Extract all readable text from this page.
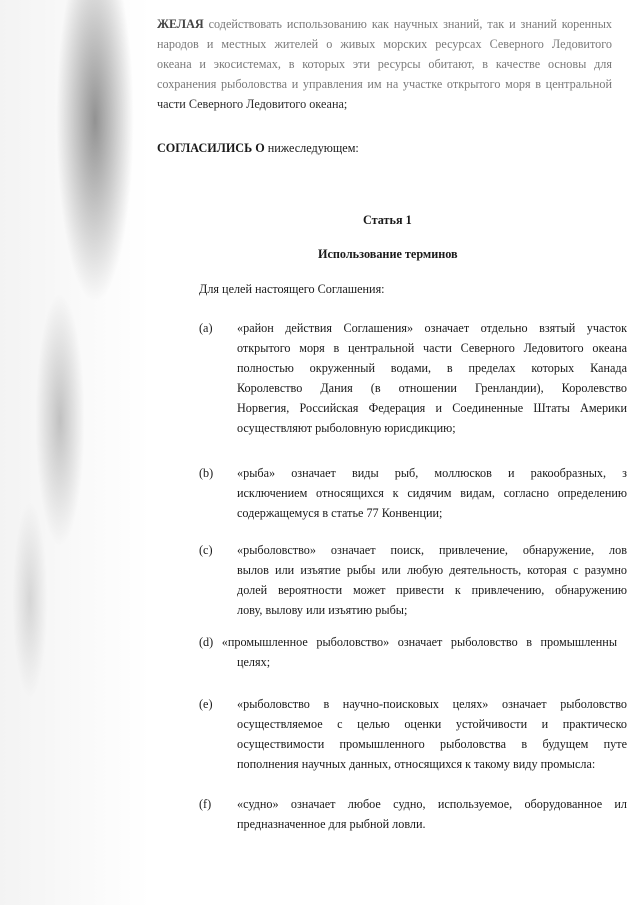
ЖЕЛАЯ содействовать использованию как научных знаний, так и знаний коренных
народов и местных жителей о живых морских ресурсах Северного Ледовитого
океана и экосистемах, в которых эти ресурсы обитают, в качестве основы для
сохранения рыболовства и управления им на участке открытого моря в центральной
части Северного Ледовитого океана;
СОГЛАСИЛИСЬ О нижеследующем:
Статья 1
Использование терминов
Для целей настоящего Соглашения:
(a) «район действия Соглашения» означает отдельно взятый участок
открытого моря в центральной части Северного Ледовитого океана
полностью окруженный водами, в пределах которых Канада
Королевство Дания (в отношении Гренландии), Королевство
Норвегия, Российская Федерация и Соединенные Штаты Америки
осуществляют рыболовную юрисдикцию;
(b) «рыба» означает виды рыб, моллюсков и ракообразных, з
исключением относящихся к сидячим видам, согласно определению
содержащемуся в статье 77 Конвенции;
(c) «рыболовство» означает поиск, привлечение, обнаружение, лов
вылов или изъятие рыбы или любую деятельность, которая с разумно
долей вероятности может привести к привлечению, обнаружению
лову, вылову или изъятию рыбы;
(d) «промышленное рыболовство» означает рыболовство в промышленны
целях;
(e) «рыболовство в научно-поисковых целях» означает рыболовство
осуществляемое с целью оценки устойчивости и практическо
осуществимости промышленного рыболовства в будущем путе
пополнения научных данных, относящихся к такому виду промысла:
(f) «судно» означает любое судно, используемое, оборудованное ил
предназначенное для рыбной ловли.
